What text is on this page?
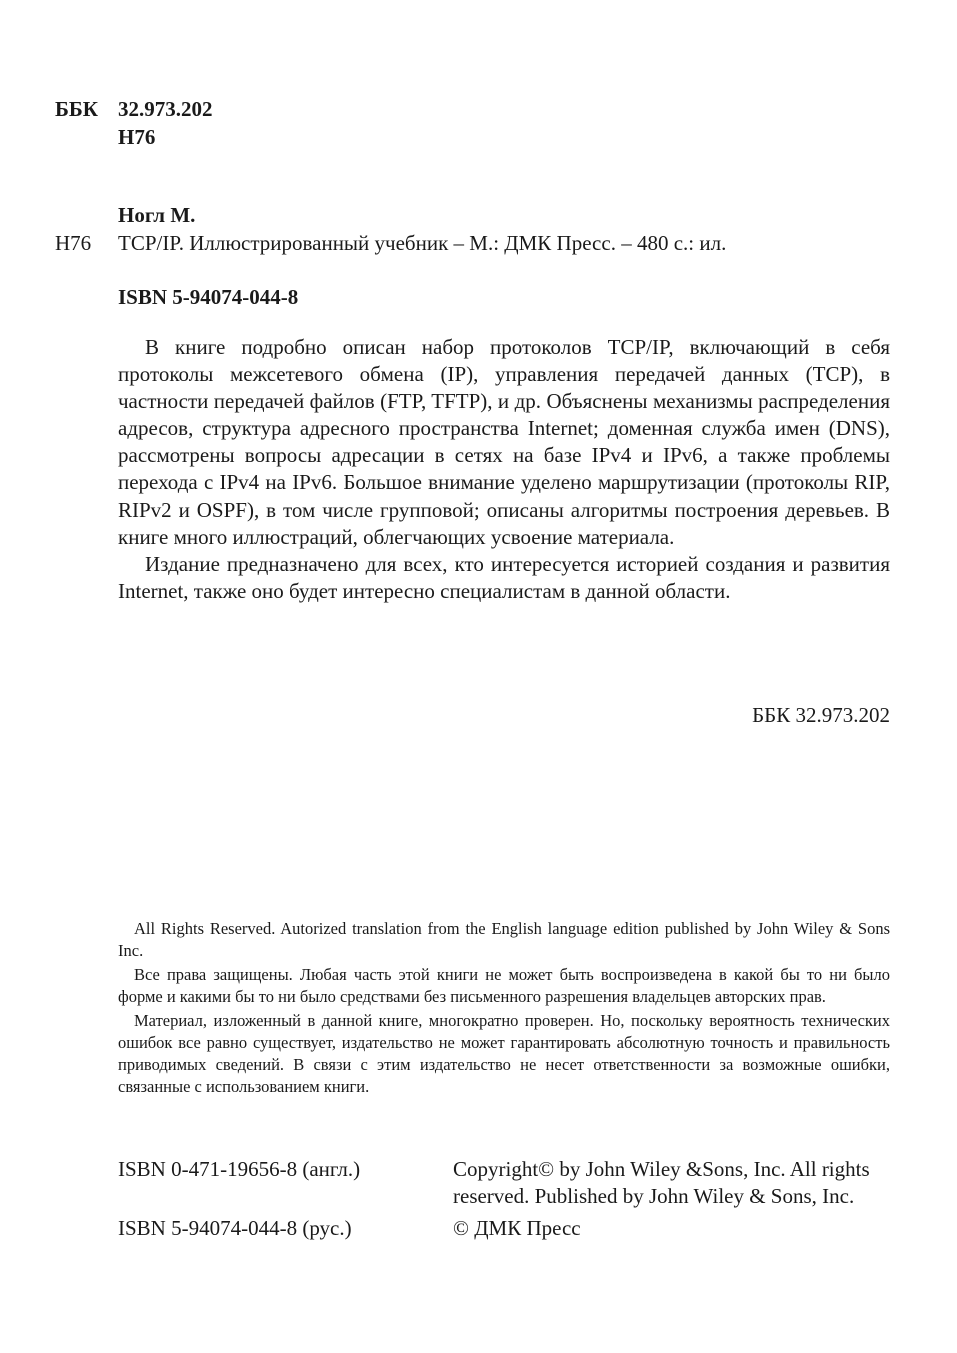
ББК 32.973.202
Н76
Ногл М.
Н76 TCP/IP. Иллюстрированный учебник – М.: ДМК Пресс. – 480 с.: ил.
ISBN 5-94074-044-8

В книге подробно описан набор протоколов TCP/IP, включающий в себя протоколы межсетевого обмена (IP), управления передачей данных (TCP), в частности передачей файлов (FTP, TFTP), и др. Объяснены механизмы распределения адресов, структура адресного пространства Internet; доменная служба имен (DNS), рассмотрены вопросы адресации в сетях на базе IPv4 и IPv6, а также проблемы перехода с IPv4 на IPv6. Большое внимание уделено маршрутизации (протоколы RIP, RIPv2 и OSPF), в том числе групповой; описаны алгоритмы построения деревьев. В книге много иллюстраций, облегчающих усвоение материала.

Издание предназначено для всех, кто интересуется историей создания и развития Internet, также оно будет интересно специалистам в данной области.

ББК 32.973.202

All Rights Reserved. Autorized translation from the English language edition published by John Wiley & Sons Inc.

Все права защищены. Любая часть этой книги не может быть воспроизведена в какой бы то ни было форме и какими бы то ни было средствами без письменного разрешения владельцев авторских прав.

Материал, изложенный в данной книге, многократно проверен. Но, поскольку вероятность технических ошибок все равно существует, издательство не может гарантировать абсолютную точность и правильность приводимых сведений. В связи с этим издательство не несет ответственности за возможные ошибки, связанные с использованием книги.

ISBN 0-471-19656-8 (англ.)	Copyright© by John Wiley &Sons, Inc. All rights reserved. Published by John Wiley & Sons, Inc.
ISBN 5-94074-044-8 (рус.)	© ДМК Пресс
